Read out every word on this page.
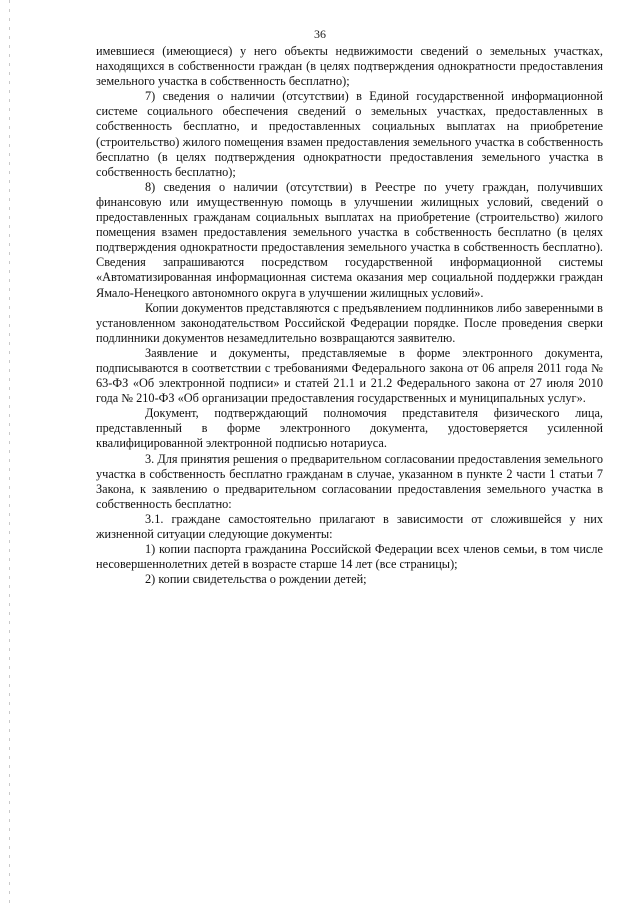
36

имевшиеся (имеющиеся) у него объекты недвижимости сведений о земельных участках, находящихся в собственности граждан (в целях подтверждения однократности предоставления земельного участка в собственность бесплатно);

7) сведения о наличии (отсутствии) в Единой государственной информационной системе социального обеспечения сведений о земельных участках, предоставленных в собственность бесплатно, и предоставленных социальных выплатах на приобретение (строительство) жилого помещения взамен предоставления земельного участка в собственность бесплатно (в целях подтверждения однократности предоставления земельного участка в собственность бесплатно);

8) сведения о наличии (отсутствии) в Реестре по учету граждан, получивших финансовую или имущественную помощь в улучшении жилищных условий, сведений о предоставленных гражданам социальных выплатах на приобретение (строительство) жилого помещения взамен предоставления земельного участка в собственность бесплатно (в целях подтверждения однократности предоставления земельного участка в собственность бесплатно). Сведения запрашиваются посредством государственной информационной системы «Автоматизированная информационная система оказания мер социальной поддержки граждан Ямало-Ненецкого автономного округа в улучшении жилищных условий».

Копии документов представляются с предъявлением подлинников либо заверенными в установленном законодательством Российской Федерации порядке. После проведения сверки подлинники документов незамедлительно возвращаются заявителю.

Заявление и документы, представляемые в форме электронного документа, подписываются в соответствии с требованиями Федерального закона от 06 апреля 2011 года № 63-ФЗ «Об электронной подписи» и статей 21.1 и 21.2 Федерального закона от 27 июля 2010 года № 210-ФЗ «Об организации предоставления государственных и муниципальных услуг».

Документ, подтверждающий полномочия представителя физического лица, представленный в форме электронного документа, удостоверяется усиленной квалифицированной электронной подписью нотариуса.

3. Для принятия решения о предварительном согласовании предоставления земельного участка в собственность бесплатно гражданам в случае, указанном в пункте 2 части 1 статьи 7 Закона, к заявлению о предварительном согласовании предоставления земельного участка в собственность бесплатно:

3.1. граждане самостоятельно прилагают в зависимости от сложившейся у них жизненной ситуации следующие документы:

1) копии паспорта гражданина Российской Федерации всех членов семьи, в том числе несовершеннолетних детей в возрасте старше 14 лет (все страницы);

2) копии свидетельства о рождении детей;
